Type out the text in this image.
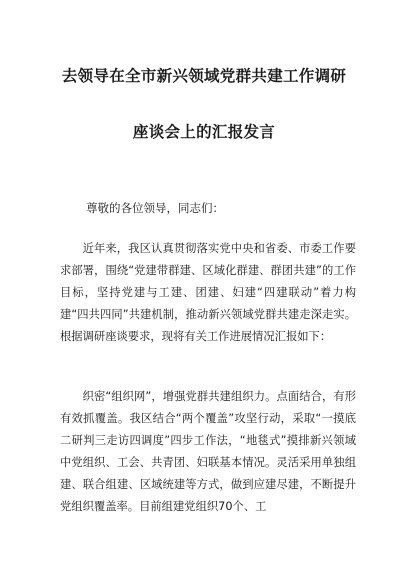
去领导在全市新兴领域党群共建工作调研
座谈会上的汇报发言

尊敬的各位领导，同志们：

近年来，我区认真贯彻落实党中央和省委、市委工作要求部署，围绕“党建带群建、区域化群建、群团共建”的工作目标，坚持党建与工建、团建、妇建“四建联动”着力构建“四共四同”共建机制，推动新兴领域党群共建走深走实。根据调研座谈要求，现将有关工作进展情况汇报如下：

织密“组织网”，增强党群共建组织力。点面结合，有形有效抓覆盖。我区结合“两个覆盖”攻坚行动，采取“一摸底二研判三走访四调度”四步工作法，“地毯式”摸排新兴领域中党组织、工会、共青团、妇联基本情况。灵活采用单独组建、联合组建、区域统建等方式，做到应建尽建，不断提升党组织覆盖率。目前组建党组织70个、工
